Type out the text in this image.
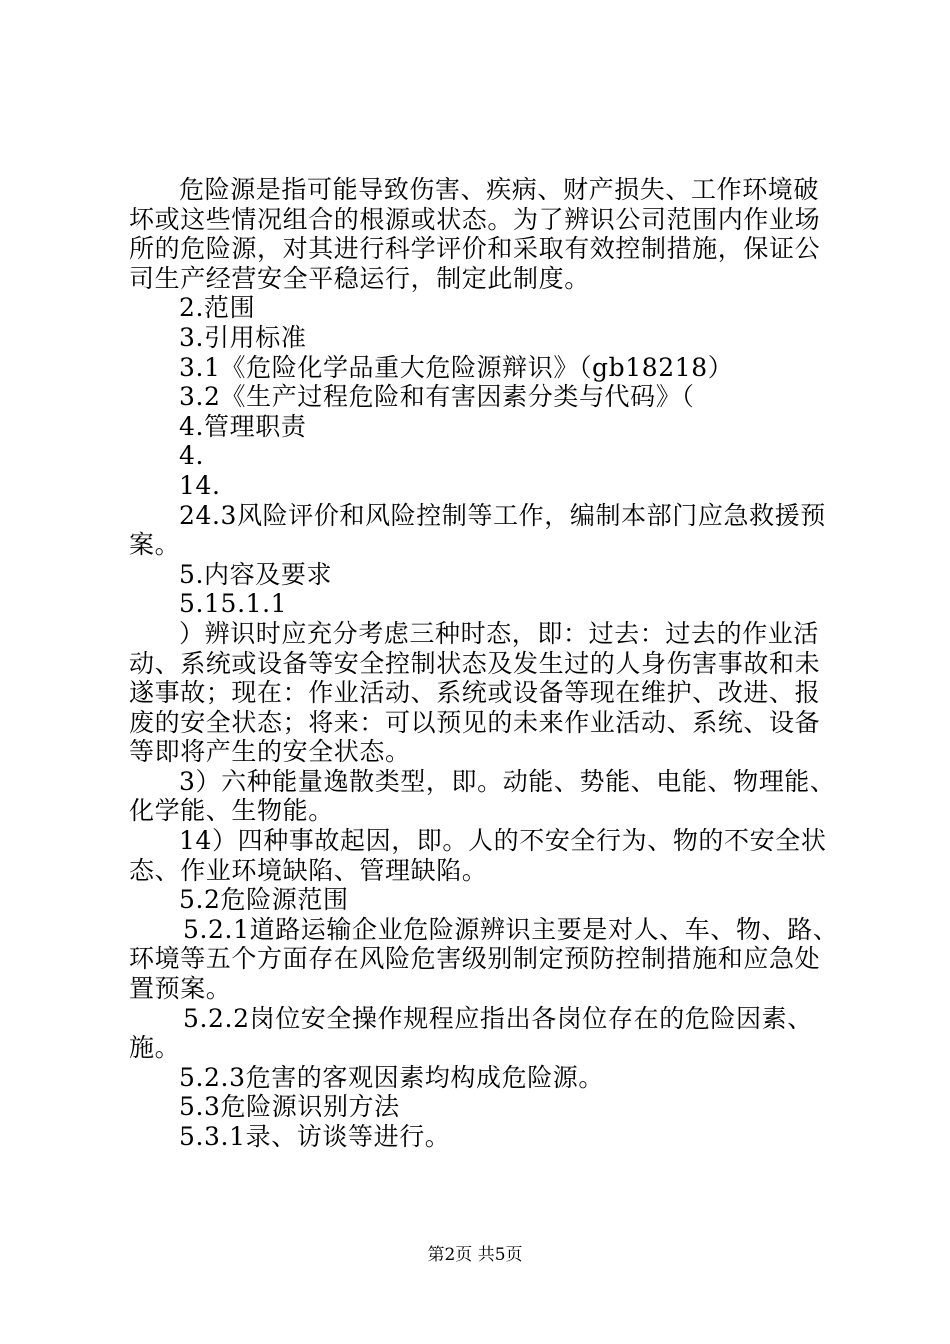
危险源是指可能导致伤害、疾病、财产损失、工作环境破
坏或这些情况组合的根源或状态。为了辨识公司范围内作业场
所的危险源，对其进行科学评价和采取有效控制措施，保证公
司生产经营安全平稳运行，制定此制度。
2.范围
3.引用标准
3.1《危险化学品重大危险源辩识》（gb18218）
3.2《生产过程危险和有害因素分类与代码》（
4.管理职责
4.
14.
24.3风险评价和风险控制等工作，编制本部门应急救援预
案。
5.内容及要求
5.15.1.1
）辨识时应充分考虑三种时态，即：过去：过去的作业活
动、系统或设备等安全控制状态及发生过的人身伤害事故和未
遂事故；现在：作业活动、系统或设备等现在维护、改进、报
废的安全状态；将来：可以预见的未来作业活动、系统、设备
等即将产生的安全状态。
3）六种能量逸散类型，即。动能、势能、电能、物理能、
化学能、生物能。
14）四种事故起因，即。人的不安全行为、物的不安全状
态、作业环境缺陷、管理缺陷。
5.2危险源范围
5.2.1道路运输企业危险源辨识主要是对人、车、物、路、
环境等五个方面存在风险危害级别制定预防控制措施和应急处
置预案。
5.2.2岗位安全操作规程应指出各岗位存在的危险因素、
施。
5.2.3危害的客观因素均构成危险源。
5.3危险源识别方法
5.3.1录、访谈等进行。
第2页 共5页
